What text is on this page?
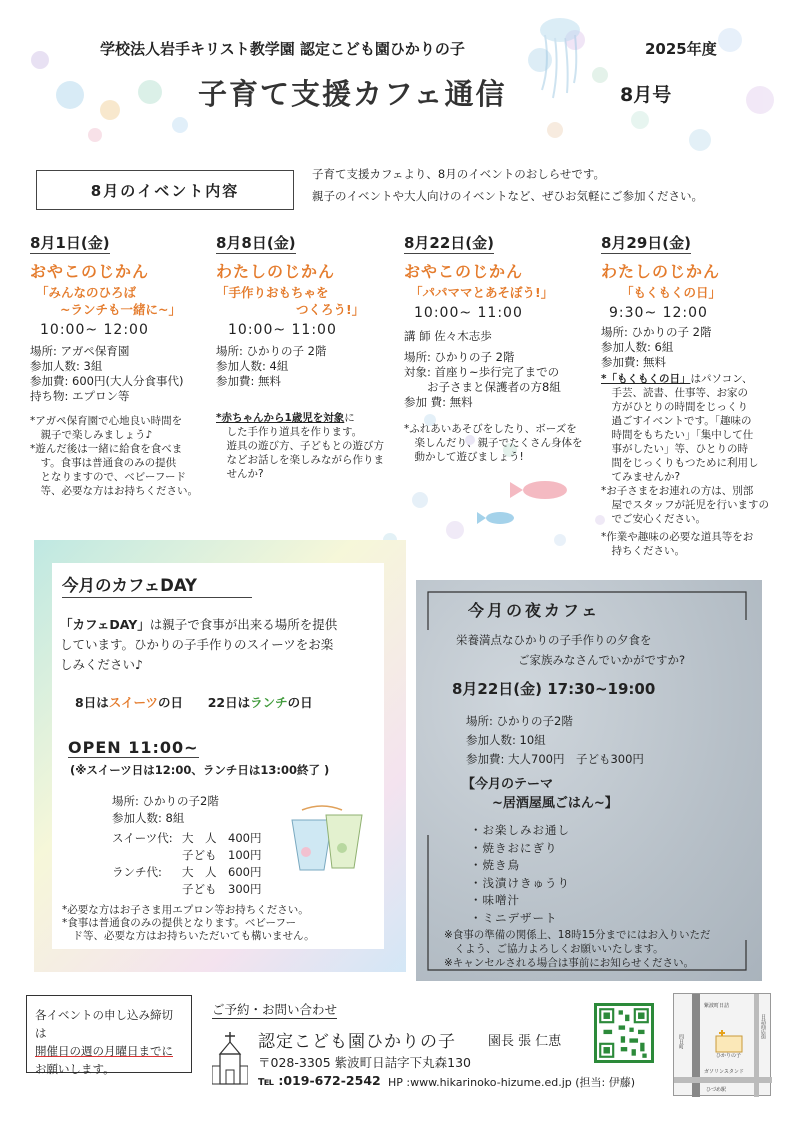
学校法人岩手キリスト教学園 認定こども園ひかりの子	2025年度
子育て支援カフェ通信	8月号
8月のイベント内容
子育て支援カフェより、8月のイベントのおしらせです。
親子のイベントや大人向けのイベントなど、ぜひお気軽にご参加ください。
8月1日(金)
おやこのじかん
「みんなのひろば
~ランチも一緒に~」
10:00~ 12:00
場所: アガペ保育園
参加人数: 3組
参加費: 600円(大人分食事代)
持ち物: エプロン等
*アガペ保育園で心地良い時間を
　親子で楽しみましょう♪
*遊んだ後は一緒に給食を食べま
　す。食事は普通食のみの提供
　となりますので、ベビーフード
　等、必要な方はお持ちください。
8月8日(金)
わたしのじかん
「手作りおもちゃを
つくろう!」
10:00~ 11:00
場所: ひかりの子 2階
参加人数: 4組
参加費: 無料
*赤ちゃんから1歳児を対象に
　した手作り道具を作ります。
　遊具の遊び方、子どもとの遊び方
　などお話しを楽しみながら作りま
　せんか?
8月22日(金)
おやこのじかん
「パパママとあそぼう!」
10:00~ 11:00
講 師 佐々木志歩
場所: ひかりの子 2階
対象: 首座り~歩行完了までの
　　お子さまと保護者の方8組
参加 費: 無料
*ふれあいあそびをしたり、ボーズを
　楽しんだり、親子でたくさん身体を
　動かして遊びましょう!
8月29日(金)
わたしのじかん
「もくもくの日」
9:30~ 12:00
場所: ひかりの子 2階
参加人数: 6組
参加費: 無料
*「もくもくの日」はパソコン、
　手芸、読書、仕事等、お家の
　方がひとりの時間をじっくり
　過ごすイベントです。「趣味の
　時間をもちたい」「集中して仕
　事がしたい」等、ひとりの時
　間をじっくりもつために利用し
　てみませんか?
*お子さまをお連れの方は、別部
　屋でスタッフが託児を行いますの
　でご安心ください。
*作業や趣味の必要な道具等をお
　持ちください。
今月のカフェDAY
「カフェDAY」は親子で食事が出来る場所を提供
しています。ひかりの子手作りのスイーツをお楽
しみください♪
8日はスイーツの日 22日はランチの日
OPEN 11:00~
(※スイーツ日は12:00、ランチ日は13:00終了 )
場所: ひかりの子2階
参加人数: 8組
スイーツ代: 大　人 400円
子ども 100円
ランチ代: 大　人 600円
子ども 300円
*必要な方はお子さま用エプロン等お持ちください。
*食事は普通食のみの提供となります。ベビーフー
　ド等、必要な方はお持ちいただいても構いません。
今月の夜カフェ
栄養満点なひかりの子手作りの夕食を
ご家族みなさんでいかがですか?
8月22日(金) 17:30~19:00
場所: ひかりの子2階
参加人数: 10組
参加費: 大人700円　子ども300円
【今月のテーマ
~居酒屋風ごはん~】
・お楽しみお通し
・焼きおにぎり
・焼き鳥
・浅漬けきゅうり
・味噌汁
・ミニデザート
※食事の準備の関係上、18時15分までにはお入りいただ
　くよう、ご協力よろしくお願いいたします。
※キャンセルされる場合は事前にお知らせください。
各イベントの申し込み締切は
開催日の週の月曜日までに
お願いします。
ご予約・お問い合わせ
認定こども園ひかりの子 園長 張 仁恵
〒028-3305 紫波町日詰字下丸森130
℡ :019-672-2542 HP :www.hikarinoko-hizume.ed.jp (担当: 伊藤)
紫波町日詰
日詰商店街
四日町
ひかりの子
ガソリンスタンド
ひづめ駅
